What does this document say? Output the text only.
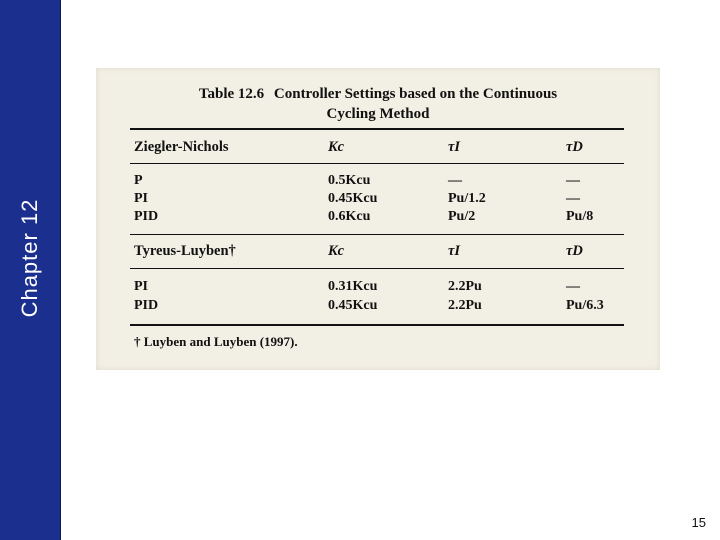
Chapter 12
Table 12.6 Controller Settings based on the Continuous
Cycling Method
Ziegler-Nichols	Kc	τI	τD
P	0.5Kcu	—	—
PI	0.45Kcu	Pu/1.2	—
PID	0.6Kcu	Pu/2	Pu/8
Tyreus-Luyben†	Kc	τI	τD
PI	0.31Kcu	2.2Pu	—
PID	0.45Kcu	2.2Pu	Pu/6.3
† Luyben and Luyben (1997).
15
